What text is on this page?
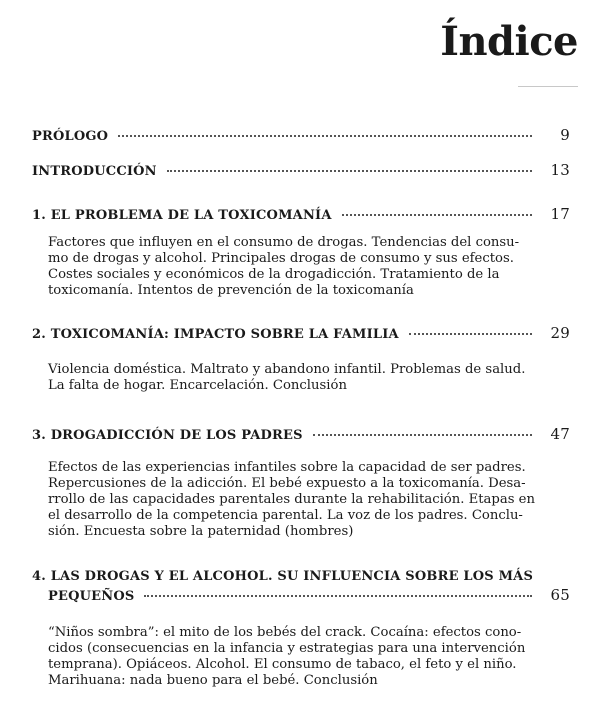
Índice
PRÓLOGO	9
INTRODUCCIÓN	13
1. EL PROBLEMA DE LA TOXICOMANÍA	17
Factores que influyen en el consumo de drogas. Tendencias del consu-
mo de drogas y alcohol. Principales drogas de consumo y sus efectos.
Costes sociales y económicos de la drogadicción. Tratamiento de la
toxicomanía. Intentos de prevención de la toxicomanía
2. TOXICOMANÍA: IMPACTO SOBRE LA FAMILIA	29
Violencia doméstica. Maltrato y abandono infantil. Problemas de salud.
La falta de hogar. Encarcelación. Conclusión
3. DROGADICCIÓN DE LOS PADRES	47
Efectos de las experiencias infantiles sobre la capacidad de ser padres.
Repercusiones de la adicción. El bebé expuesto a la toxicomanía. Desa-
rrollo de las capacidades parentales durante la rehabilitación. Etapas en
el desarrollo de la competencia parental. La voz de los padres. Conclu-
sión. Encuesta sobre la paternidad (hombres)
4. LAS DROGAS Y EL ALCOHOL. SU INFLUENCIA SOBRE LOS MÁS
PEQUEÑOS	65
“Niños sombra”: el mito de los bebés del crack. Cocaína: efectos cono-
cidos (consecuencias en la infancia y estrategias para una intervención
temprana). Opiáceos. Alcohol. El consumo de tabaco, el feto y el niño.
Marihuana: nada bueno para el bebé. Conclusión
